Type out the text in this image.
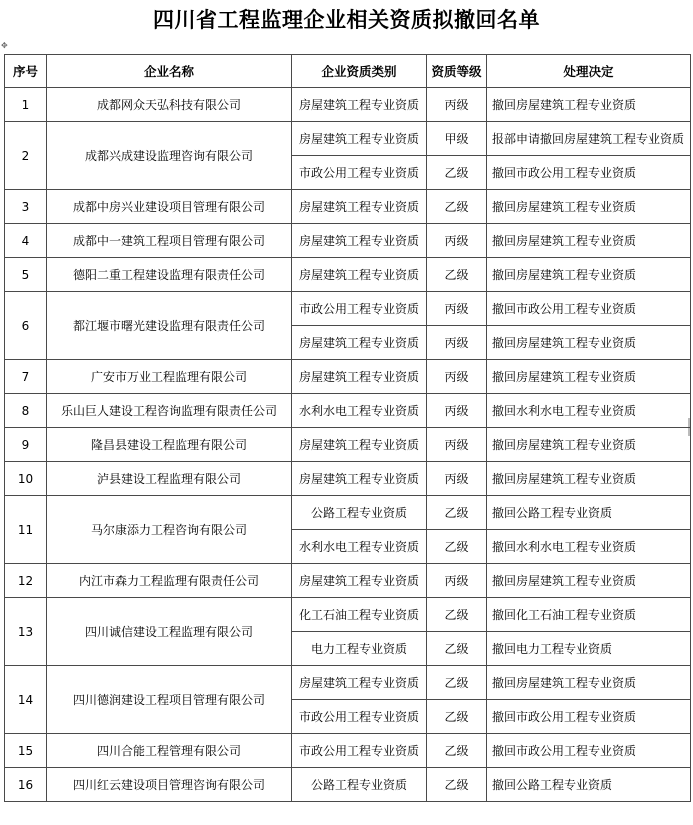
四川省工程监理企业相关资质拟撤回名单
✥
序号	企业名称	企业资质类别	资质等级	处理决定
1	成都网众天弘科技有限公司	房屋建筑工程专业资质	丙级	撤回房屋建筑工程专业资质
2	成都兴成建设监理咨询有限公司	房屋建筑工程专业资质	甲级	报部申请撤回房屋建筑工程专业资质
		市政公用工程专业资质	乙级	撤回市政公用工程专业资质
3	成都中房兴业建设项目管理有限公司	房屋建筑工程专业资质	乙级	撤回房屋建筑工程专业资质
4	成都中一建筑工程项目管理有限公司	房屋建筑工程专业资质	丙级	撤回房屋建筑工程专业资质
5	德阳二重工程建设监理有限责任公司	房屋建筑工程专业资质	乙级	撤回房屋建筑工程专业资质
6	都江堰市曙光建设监理有限责任公司	市政公用工程专业资质	丙级	撤回市政公用工程专业资质
		房屋建筑工程专业资质	丙级	撤回房屋建筑工程专业资质
7	广安市万业工程监理有限公司	房屋建筑工程专业资质	丙级	撤回房屋建筑工程专业资质
8	乐山巨人建设工程咨询监理有限责任公司	水利水电工程专业资质	丙级	撤回水利水电工程专业资质
9	隆昌县建设工程监理有限公司	房屋建筑工程专业资质	丙级	撤回房屋建筑工程专业资质
10	泸县建设工程监理有限公司	房屋建筑工程专业资质	丙级	撤回房屋建筑工程专业资质
11	马尔康添力工程咨询有限公司	公路工程专业资质	乙级	撤回公路工程专业资质
		水利水电工程专业资质	乙级	撤回水利水电工程专业资质
12	内江市森力工程监理有限责任公司	房屋建筑工程专业资质	丙级	撤回房屋建筑工程专业资质
13	四川诚信建设工程监理有限公司	化工石油工程专业资质	乙级	撤回化工石油工程专业资质
		电力工程专业资质	乙级	撤回电力工程专业资质
14	四川德润建设工程项目管理有限公司	房屋建筑工程专业资质	乙级	撤回房屋建筑工程专业资质
		市政公用工程专业资质	乙级	撤回市政公用工程专业资质
15	四川合能工程管理有限公司	市政公用工程专业资质	乙级	撤回市政公用工程专业资质
16	四川红云建设项目管理咨询有限公司	公路工程专业资质	乙级	撤回公路工程专业资质
